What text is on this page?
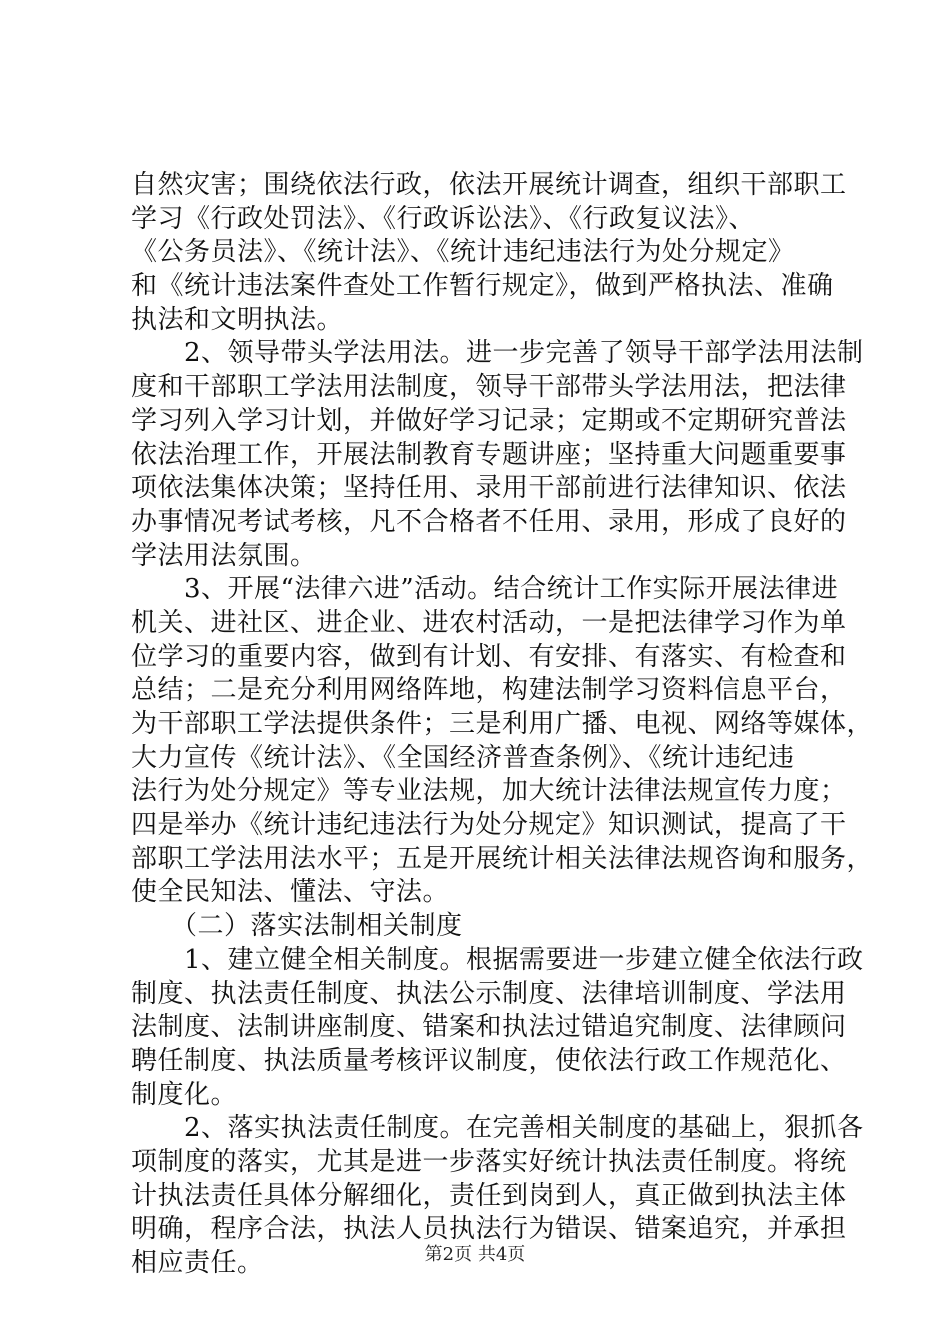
自然灾害；围绕依法行政，依法开展统计调查，组织干部职工
学习《行政处罚法》、《行政诉讼法》、《行政复议法》、
《公务员法》、《统计法》、《统计违纪违法行为处分规定》
和《统计违法案件查处工作暂行规定》，做到严格执法、准确
执法和文明执法。
　　2、领导带头学法用法。进一步完善了领导干部学法用法制
度和干部职工学法用法制度，领导干部带头学法用法，把法律
学习列入学习计划，并做好学习记录；定期或不定期研究普法
依法治理工作，开展法制教育专题讲座；坚持重大问题重要事
项依法集体决策；坚持任用、录用干部前进行法律知识、依法
办事情况考试考核，凡不合格者不任用、录用，形成了良好的
学法用法氛围。
　　3、开展“法律六进”活动。结合统计工作实际开展法律进
机关、进社区、进企业、进农村活动，一是把法律学习作为单
位学习的重要内容，做到有计划、有安排、有落实、有检查和
总结；二是充分利用网络阵地，构建法制学习资料信息平台，
为干部职工学法提供条件；三是利用广播、电视、网络等媒体，
大力宣传《统计法》、《全国经济普查条例》、《统计违纪违
法行为处分规定》等专业法规，加大统计法律法规宣传力度；
四是举办《统计违纪违法行为处分规定》知识测试，提高了干
部职工学法用法水平；五是开展统计相关法律法规咨询和服务，
使全民知法、懂法、守法。
　　（二）落实法制相关制度
　　1、建立健全相关制度。根据需要进一步建立健全依法行政
制度、执法责任制度、执法公示制度、法律培训制度、学法用
法制度、法制讲座制度、错案和执法过错追究制度、法律顾问
聘任制度、执法质量考核评议制度，使依法行政工作规范化、
制度化。
　　2、落实执法责任制度。在完善相关制度的基础上，狠抓各
项制度的落实，尤其是进一步落实好统计执法责任制度。将统
计执法责任具体分解细化，责任到岗到人，真正做到执法主体
明确，程序合法，执法人员执法行为错误、错案追究，并承担
相应责任。	第2页 共4页
